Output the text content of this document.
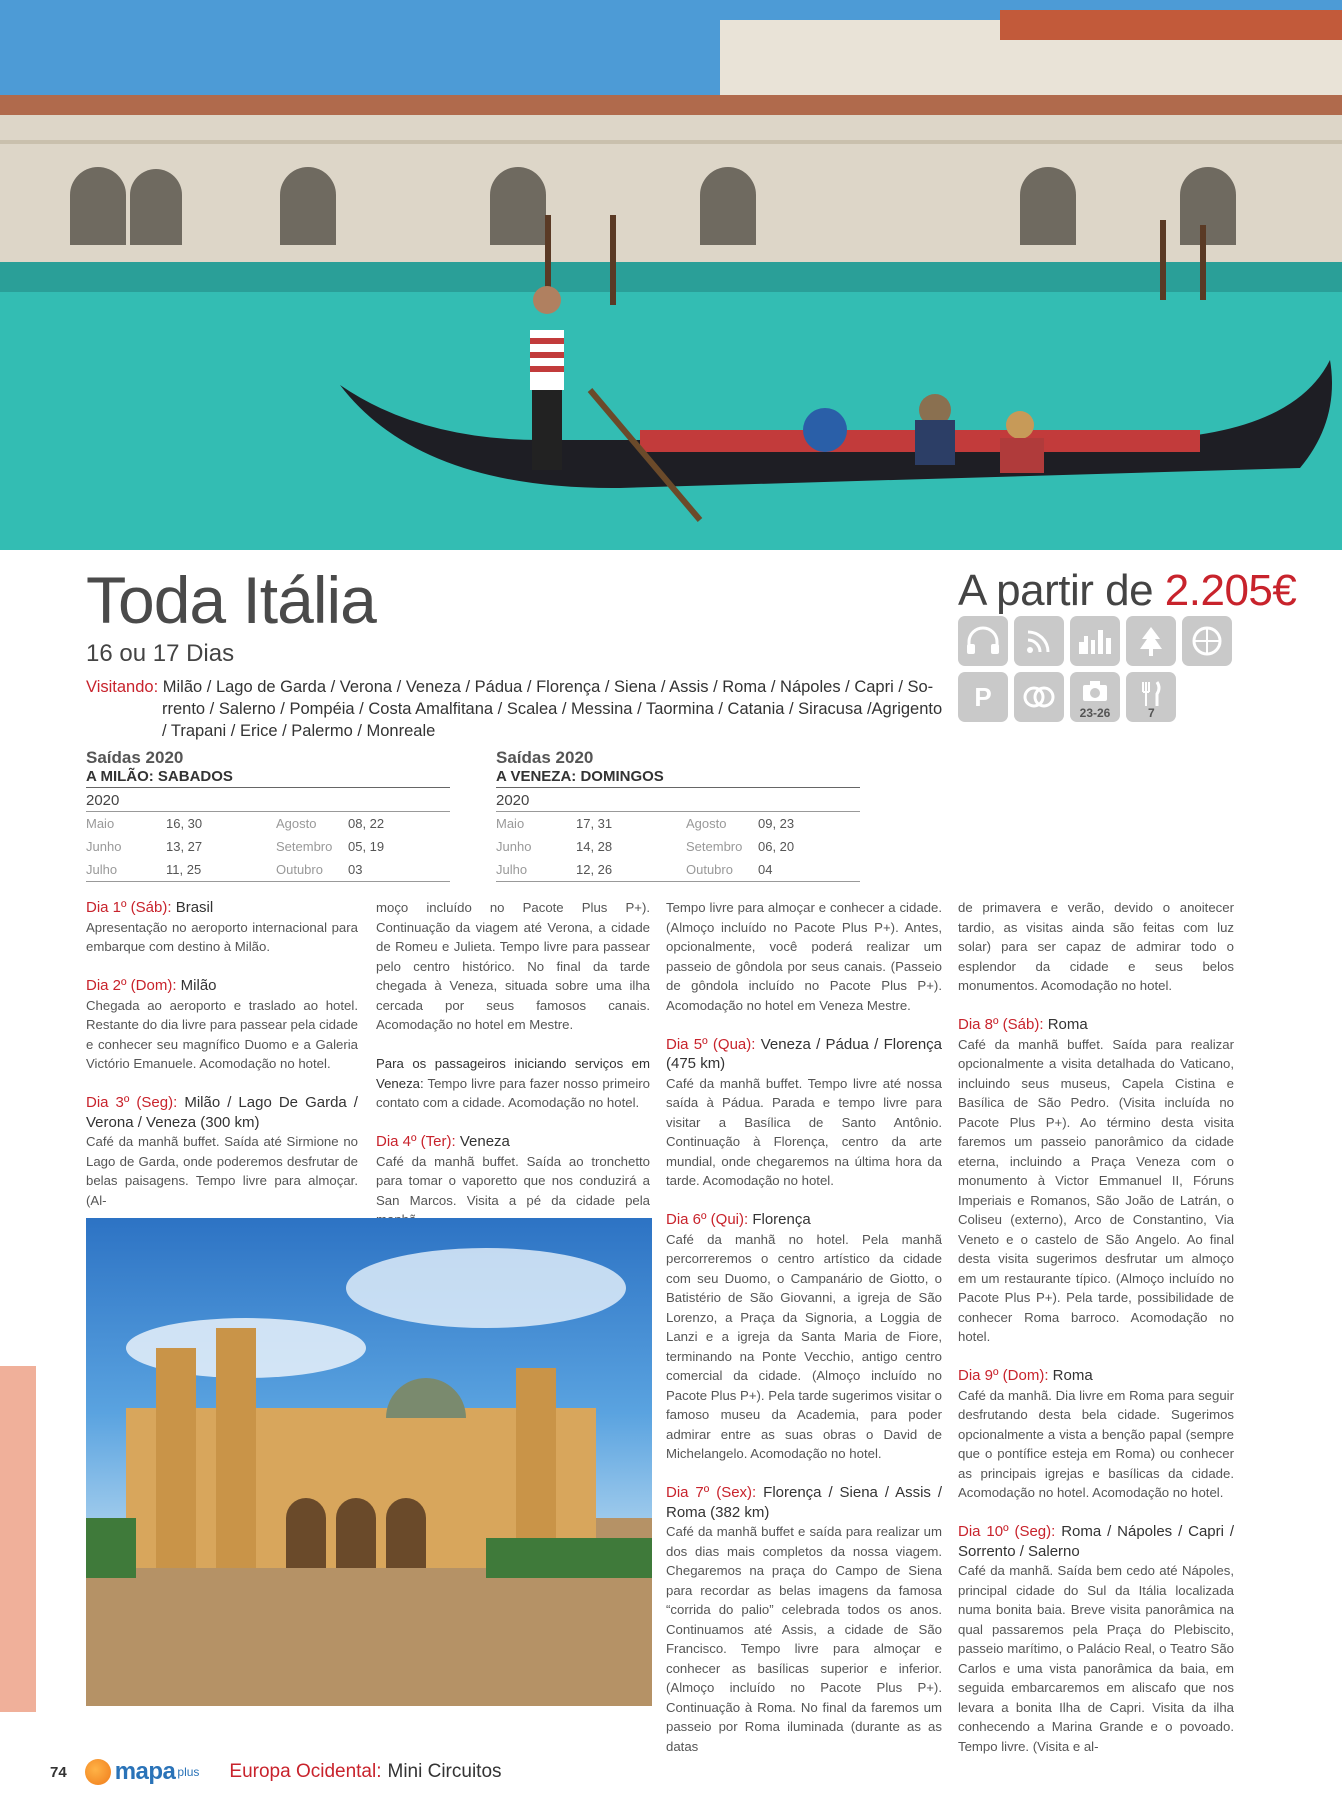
Toda Itália
16 ou 17 Dias
Visitando: Milão / Lago de Garda / Verona / Veneza / Pádua / Florença / Siena / Assis / Roma / Nápoles / Capri / So-
rrento / Salerno / Pompéia / Costa Amalfitana / Scalea / Messina / Taormina / Catania / Siracusa /Agrigento
/ Trapani / Erice / Palermo / Monreale
A partir de 2.205€
P
23-26	7
Saídas 2020
A MILÃO: SABADOS
2020
Maio	16, 30	Agosto	08, 22
Junho	13, 27	Setembro	05, 19
Julho	11, 25	Outubro	03
Saídas 2020
A VENEZA: DOMINGOS
2020
Maio	17, 31	Agosto	09, 23
Junho	14, 28	Setembro	06, 20
Julho	12, 26	Outubro	04

Dia 1º (Sáb): Brasil
Apresentação no aeroporto internacional para embarque com destino à Milão.

Dia 2º (Dom): Milão
Chegada ao aeroporto e traslado ao hotel. Restante do dia livre para passear pela cidade e conhecer seu magnífico Duomo e a Galeria Victório Emanuele. Acomodação no hotel.

Dia 3º (Seg): Milão / Lago De Garda / Verona / Veneza (300 km)
Café da manhã buffet. Saída até Sirmione no Lago de Garda, onde poderemos desfrutar de belas paisagens. Tempo livre para almoçar. (Al-

moço incluído no Pacote Plus P+). Continuação da viagem até Verona, a cidade de Romeu e Julieta. Tempo livre para passear pelo centro histórico. No final da tarde chegada à Veneza, situada sobre uma ilha cercada por seus famosos canais. Acomodação no hotel em Mestre.

Para os passageiros iniciando serviços em Veneza: Tempo livre para fazer nosso primeiro contato com a cidade. Acomodação no hotel.

Dia 4º (Ter): Veneza
Café da manhã buffet. Saída ao tronchetto para tomar o vaporetto que nos conduzirá a San Marcos. Visita a pé da cidade pela

Tempo livre para almoçar e conhecer a cidade. (Almoço incluído no Pacote Plus P+). Antes, opcionalmente, você poderá realizar um passeio de gôndola por seus canais. (Passeio de gôndola incluído no Pacote Plus P+). Acomodação no hotel em Veneza Mestre.

Dia 5º (Qua): Veneza / Pádua / Florença (475 km)
Café da manhã buffet. Tempo livre até nossa saída à Pádua. Parada e tempo livre para visitar a Basílica de Santo Antônio. Continuação à Florença, centro da arte mundial, onde chegaremos na última hora da tarde. Acomodação no hotel.

Dia 6º (Qui): Florença
Café da manhã no hotel. Pela manhã percorreremos o centro artístico da cidade com seu Duomo, o Campanário de Giotto, o Batistério de São Giovanni, a igreja de São Lorenzo, a Praça da Signoria, a Loggia de Lanzi e a igreja da Santa Maria de Fiore, terminando na Ponte Vecchio, antigo centro comercial da cidade. (Almoço incluído no Pacote Plus P+). Pela tarde sugerimos visitar o famoso museu da Academia, para poder admirar entre as suas obras o David de Michelangelo. Acomodação no hotel.

Dia 7º (Sex): Florença / Siena / Assis / Roma (382 km)
Café da manhã buffet e saída para realizar um dos dias mais completos da nossa viagem. Chegaremos na praça do Campo de Siena para recordar as belas imagens da famosa “corrida do palio” celebrada todos os anos. Continuamos até Assis, a cidade de São Francisco. Tempo livre para almoçar e conhecer as basílicas superior e inferior. (Almoço incluído no Pacote Plus P+). Continuação à Roma. No final da faremos um passeio por Roma iluminada (durante as as datas

de primavera e verão, devido o anoitecer tardio, as visitas ainda são feitas com luz solar) para ser capaz de admirar todo o esplendor da cidade e seus belos monumentos. Acomodação no hotel.

Dia 8º (Sáb): Roma
Café da manhã buffet. Saída para realizar opcionalmente a visita detalhada do Vaticano, incluindo seus museus, Capela Cistina e Basílica de São Pedro. (Visita incluída no Pacote Plus P+). Ao término desta visita faremos um passeio panorâmico da cidade eterna, incluindo a Praça Veneza com o monumento à Victor Emmanuel II, Fóruns Imperiais e Romanos, São João de Latrán, o Coliseu (externo), Arco de Constantino, Via Veneto e o castelo de São Angelo. Ao final desta visita sugerimos desfrutar um almoço em um restaurante típico. (Almoço incluído no Pacote Plus P+). Pela tarde, possibilidade de conhecer Roma barroco. Acomodação no hotel.

Dia 9º (Dom): Roma
Café da manhã. Dia livre em Roma para seguir desfrutando desta bela cidade. Sugerimos opcionalmente a vista a benção papal (sempre que o pontífice esteja em Roma) ou conhecer as principais igrejas e basílicas da cidade. Acomodação no hotel. Acomodação no hotel.

Dia 10º (Seg): Roma / Nápoles / Capri / Sorrento / Salerno
Café da manhã. Saída bem cedo até Nápoles, principal cidade do Sul da Itália localizada numa bonita baia. Breve visita panorâmica na qual passaremos pela Praça do Plebiscito, passeio marítimo, o Palácio Real, o Teatro São Carlos e uma vista panorâmica da baia, em seguida embarcaremos em aliscafo que nos levara a bonita Ilha de Capri. Visita da ilha conhecendo a Marina Grande e o povoado. Tempo livre. (Visita e al-

74 mapa plus Europa Ocidental: Mini Circuitos
